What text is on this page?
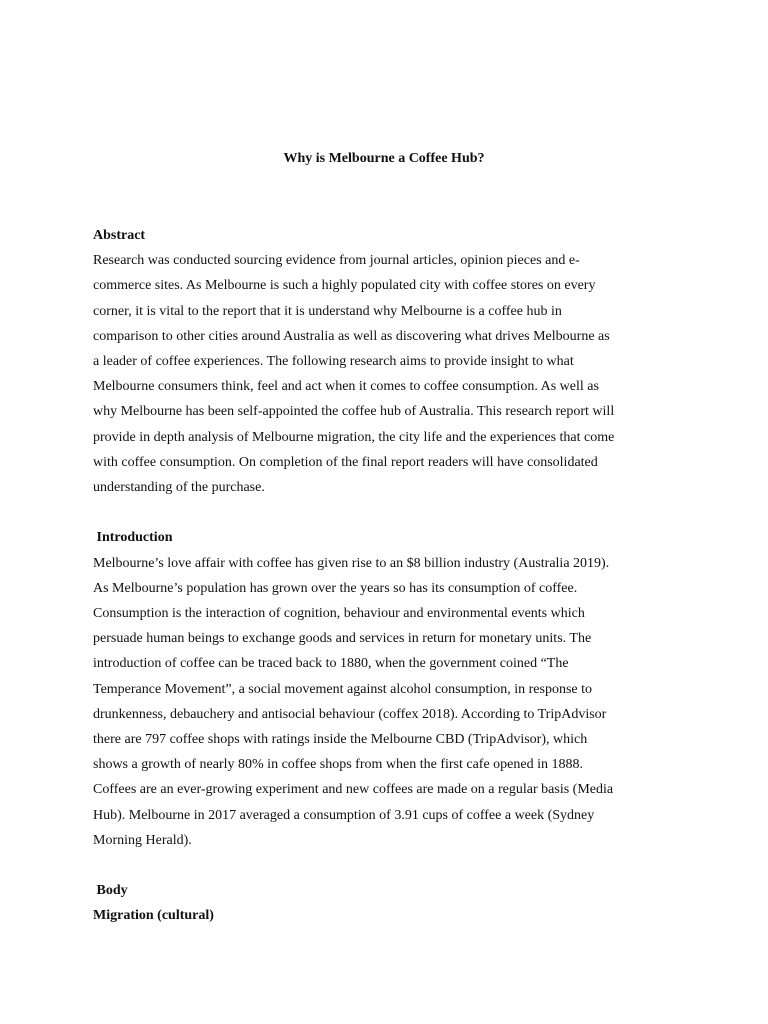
Why is Melbourne a Coffee Hub?
Abstract

Research was conducted sourcing evidence from journal articles, opinion pieces and e-
commerce sites. As Melbourne is such a highly populated city with coffee stores on every
corner, it is vital to the report that it is understand why Melbourne is a coffee hub in
comparison to other cities around Australia as well as discovering what drives Melbourne as
a leader of coffee experiences. The following research aims to provide insight to what
Melbourne consumers think, feel and act when it comes to coffee consumption. As well as
why Melbourne has been self-appointed the coffee hub of Australia. This research report will
provide in depth analysis of Melbourne migration, the city life and the experiences that come
with coffee consumption. On completion of the final report readers will have consolidated
understanding of the purchase.

Introduction

Melbourne’s love affair with coffee has given rise to an $8 billion industry (Australia 2019).
As Melbourne’s population has grown over the years so has its consumption of coffee.
Consumption is the interaction of cognition, behaviour and environmental events which
persuade human beings to exchange goods and services in return for monetary units. The
introduction of coffee can be traced back to 1880, when the government coined “The
Temperance Movement”, a social movement against alcohol consumption, in response to
drunkenness, debauchery and antisocial behaviour (coffex 2018). According to TripAdvisor
there are 797 coffee shops with ratings inside the Melbourne CBD (TripAdvisor), which
shows a growth of nearly 80% in coffee shops from when the first cafe opened in 1888.
Coffees are an ever-growing experiment and new coffees are made on a regular basis (Media
Hub). Melbourne in 2017 averaged a consumption of 3.91 cups of coffee a week (Sydney
Morning Herald).

Body
Migration (cultural)
